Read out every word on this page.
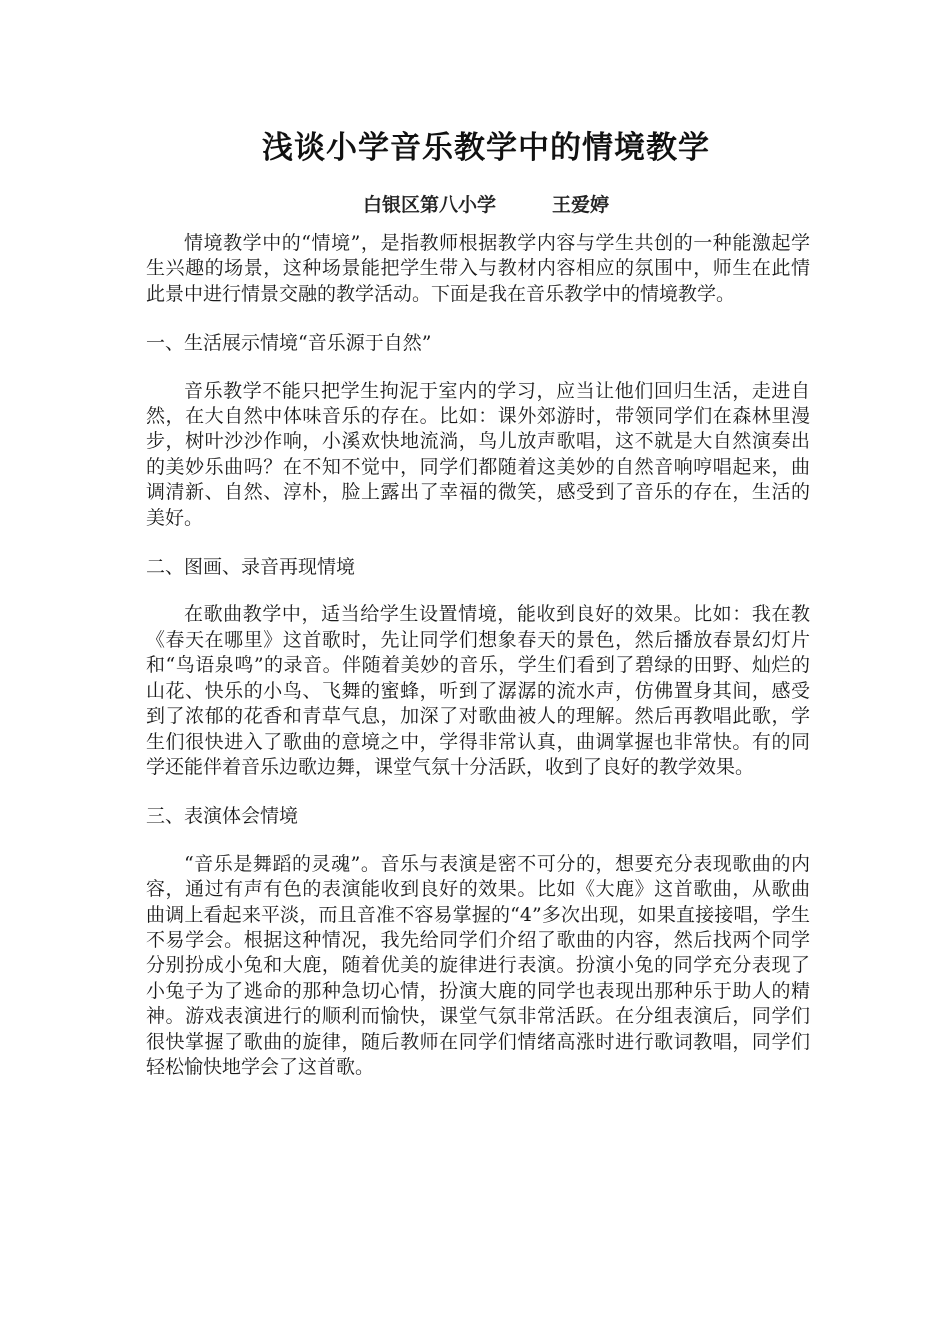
浅谈小学音乐教学中的情境教学
白银区第八小学	王爱婷

情境教学中的“情境”，是指教师根据教学内容与学生共创的一种能激起学生兴趣的场景，这种场景能把学生带入与教材内容相应的氛围中，师生在此情此景中进行情景交融的教学活动。下面是我在音乐教学中的情境教学。

一、生活展示情境“音乐源于自然”

音乐教学不能只把学生拘泥于室内的学习，应当让他们回归生活，走进自然，在大自然中体味音乐的存在。比如：课外郊游时，带领同学们在森林里漫步，树叶沙沙作响，小溪欢快地流淌，鸟儿放声歌唱，这不就是大自然演奏出的美妙乐曲吗？在不知不觉中，同学们都随着这美妙的自然音响哼唱起来，曲调清新、自然、淳朴，脸上露出了幸福的微笑，感受到了音乐的存在，生活的美好。

二、图画、录音再现情境

在歌曲教学中，适当给学生设置情境，能收到良好的效果。比如：我在教《春天在哪里》这首歌时，先让同学们想象春天的景色，然后播放春景幻灯片和“鸟语泉鸣”的录音。伴随着美妙的音乐，学生们看到了碧绿的田野、灿烂的山花、快乐的小鸟、飞舞的蜜蜂，听到了潺潺的流水声，仿佛置身其间，感受到了浓郁的花香和青草气息，加深了对歌曲被人的理解。然后再教唱此歌，学生们很快进入了歌曲的意境之中，学得非常认真，曲调掌握也非常快。有的同学还能伴着音乐边歌边舞，课堂气氛十分活跃，收到了良好的教学效果。

三、表演体会情境

“音乐是舞蹈的灵魂”。音乐与表演是密不可分的，想要充分表现歌曲的内容，通过有声有色的表演能收到良好的效果。比如《大鹿》这首歌曲，从歌曲曲调上看起来平淡，而且音准不容易掌握的“4”多次出现，如果直接接唱，学生不易学会。根据这种情况，我先给同学们介绍了歌曲的内容，然后找两个同学分别扮成小兔和大鹿，随着优美的旋律进行表演。扮演小兔的同学充分表现了小兔子为了逃命的那种急切心情，扮演大鹿的同学也表现出那种乐于助人的精神。游戏表演进行的顺利而愉快，课堂气氛非常活跃。在分组表演后，同学们很快掌握了歌曲的旋律，随后教师在同学们情绪高涨时进行歌词教唱，同学们轻松愉快地学会了这首歌。
